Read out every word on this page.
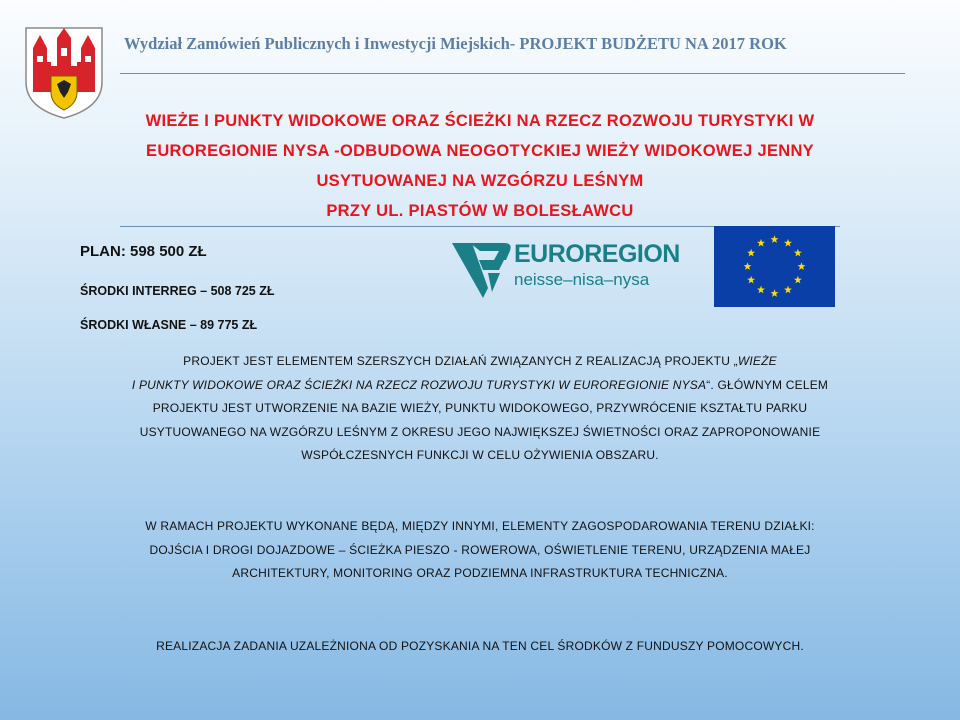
Wydział Zamówień Publicznych i Inwestycji Miejskich- PROJEKT BUDŻETU NA 2017 ROK
WIEŻE I PUNKTY WIDOKOWE ORAZ ŚCIEŻKI NA RZECZ ROZWOJU TURYSTYKI W
EUROREGIONIE NYSA -ODBUDOWA NEOGOTYCKIEJ WIEŻY WIDOKOWEJ JENNY
USYTUOWANEJ NA WZGÓRZU LEŚNYM
PRZY UL. PIASTÓW W BOLESŁAWCU
PLAN: 598 500 ZŁ
ŚRODKI INTERREG – 508 725 ZŁ
ŚRODKI WŁASNE – 89 775 ZŁ
EUROREGION
neisse–nisa–nysa
PROJEKT JEST ELEMENTEM SZERSZYCH DZIAŁAŃ ZWIĄZANYCH Z REALIZACJĄ PROJEKTU „WIEŻE
I PUNKTY WIDOKOWE ORAZ ŚCIEŻKI NA RZECZ ROZWOJU TURYSTYKI W EUROREGIONIE NYSA“. GŁÓWNYM CELEM
PROJEKTU JEST UTWORZENIE NA BAZIE WIEŻY, PUNKTU WIDOKOWEGO, PRZYWRÓCENIE KSZTAŁTU PARKU
USYTUOWANEGO NA WZGÓRZU LEŚNYM Z OKRESU JEGO NAJWIĘKSZEJ ŚWIETNOŚCI ORAZ ZAPROPONOWANIE
WSPÓŁCZESNYCH FUNKCJI W CELU OŻYWIENIA OBSZARU.
W RAMACH PROJEKTU WYKONANE BĘDĄ, MIĘDZY INNYMI, ELEMENTY ZAGOSPODAROWANIA TERENU DZIAŁKI:
DOJŚCIA I DROGI DOJAZDOWE – ŚCIEŻKA PIESZO - ROWEROWA, OŚWIETLENIE TERENU, URZĄDZENIA MAŁEJ
ARCHITEKTURY, MONITORING ORAZ PODZIEMNA INFRASTRUKTURA TECHNICZNA.
REALIZACJA ZADANIA UZALEŻNIONA OD POZYSKANIA NA TEN CEL ŚRODKÓW Z FUNDUSZY POMOCOWYCH.
